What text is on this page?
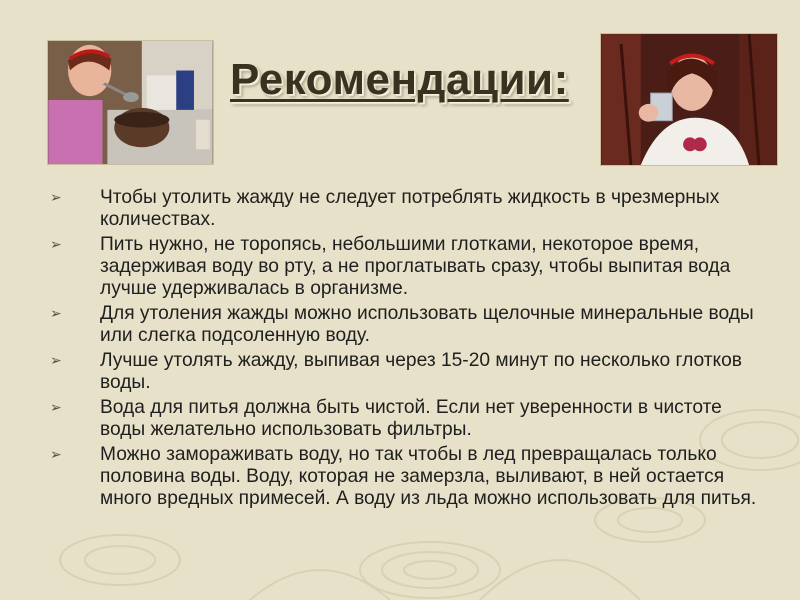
Рекомендации:
➢	Чтобы утолить жажду не следует потреблять жидкость в чрезмерных количествах.
➢	Пить нужно, не торопясь, небольшими глотками, некоторое время, задерживая воду во рту, а не проглатывать сразу, чтобы выпитая вода лучше удерживалась в организме.
➢	Для утоления жажды можно использовать щелочные минеральные воды или слегка подсоленную воду.
➢	Лучше утолять жажду, выпивая через 15-20 минут по несколько глотков воды.
➢	Вода для питья должна быть чистой. Если нет уверенности в чистоте воды желательно использовать фильтры.
➢	Можно замораживать воду, но так чтобы в лед превращалась только половина воды. Воду, которая не замерзла, выливают, в ней остается много вредных примесей. А воду из льда можно использовать для питья.
